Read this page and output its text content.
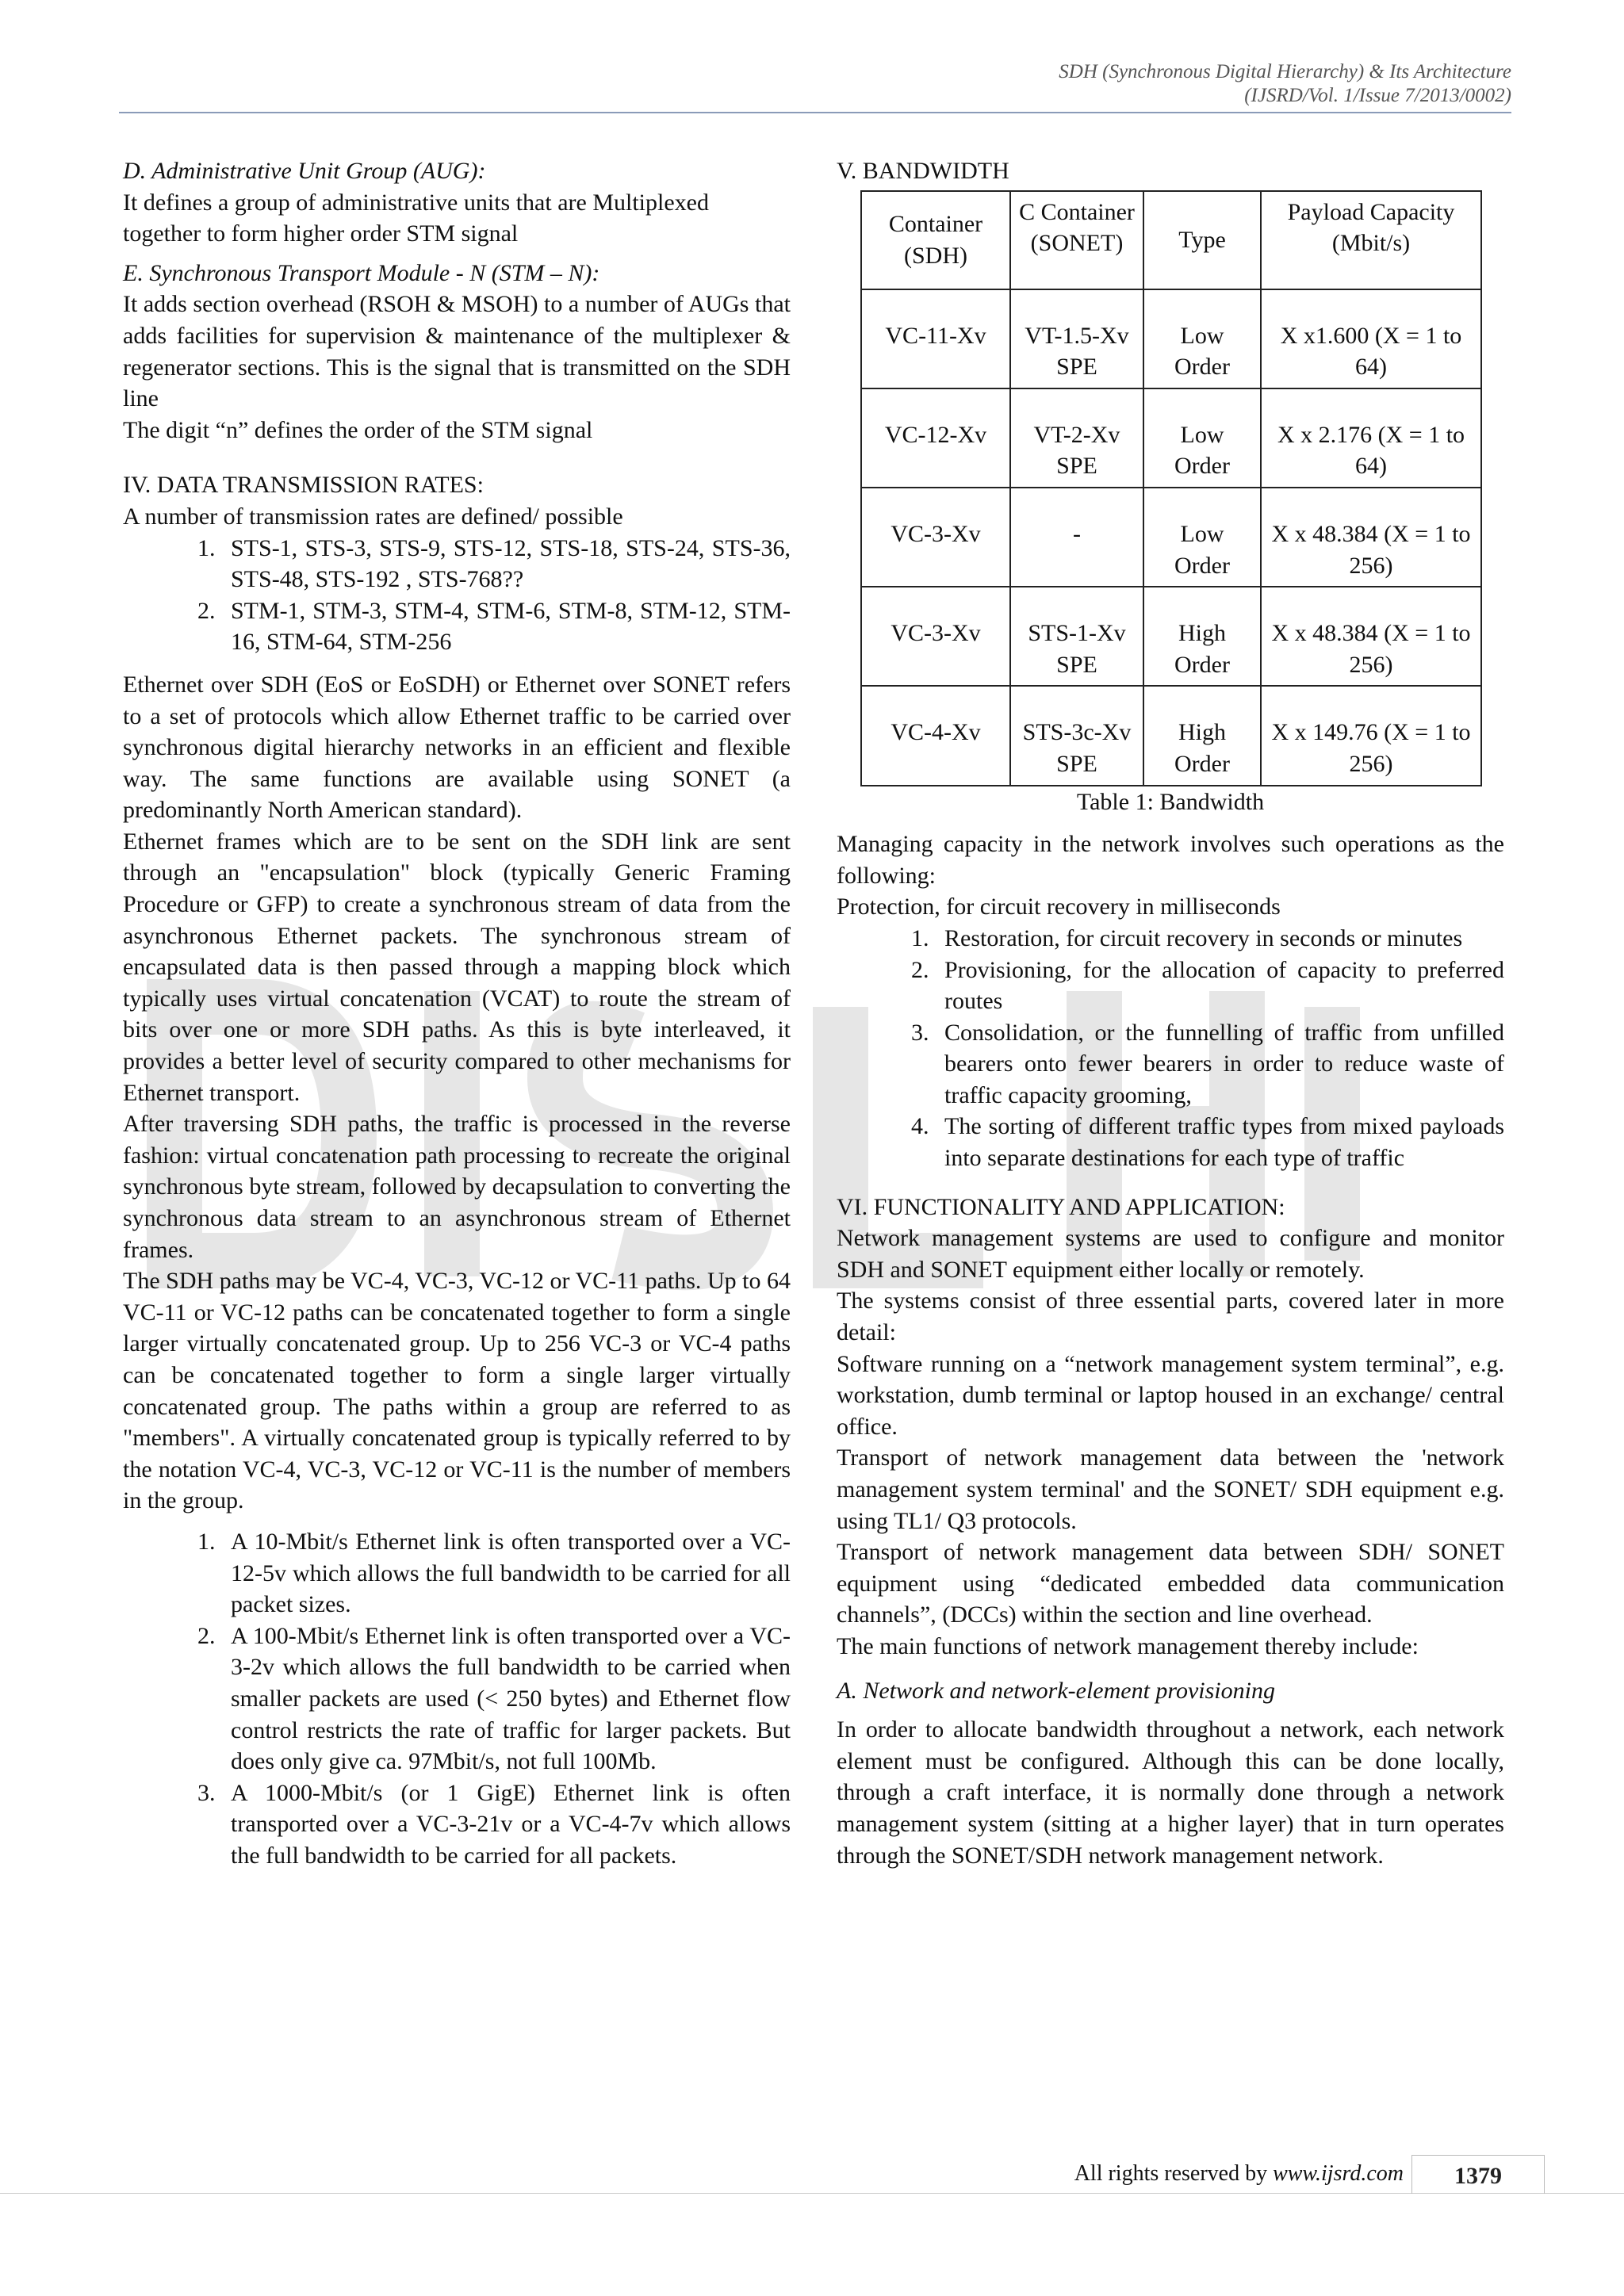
SDH (Synchronous Digital Hierarchy) & Its Architecture
(IJSRD/Vol. 1/Issue 7/2013/0002)

D. Administrative Unit Group (AUG):

It defines a group of administrative units that are Multiplexed together to form higher order STM signal

E. Synchronous Transport Module - N (STM – N):

It adds section overhead (RSOH & MSOH) to a number of AUGs that adds facilities for supervision & maintenance of the multiplexer & regenerator sections. This is the signal that is transmitted on the SDH line

The digit “n” defines the order of the STM signal

IV. DATA TRANSMISSION RATES:

A number of transmission rates are defined/ possible

1. STS-1, STS-3, STS-9, STS-12, STS-18, STS-24, STS-36, STS-48, STS-192 , STS-768??
2. STM-1, STM-3, STM-4, STM-6, STM-8, STM-12, STM-16, STM-64, STM-256

Ethernet over SDH (EoS or EoSDH) or Ethernet over SONET refers to a set of protocols which allow Ethernet traffic to be carried over synchronous digital hierarchy networks in an efficient and flexible way. The same functions are available using SONET (a predominantly North American standard).

Ethernet frames which are to be sent on the SDH link are sent through an "encapsulation" block (typically Generic Framing Procedure or GFP) to create a synchronous stream of data from the asynchronous Ethernet packets. The synchronous stream of encapsulated data is then passed through a mapping block which typically uses virtual concatenation (VCAT) to route the stream of bits over one or more SDH paths. As this is byte interleaved, it provides a better level of security compared to other mechanisms for Ethernet transport.

After traversing SDH paths, the traffic is processed in the reverse fashion: virtual concatenation path processing to recreate the original synchronous byte stream, followed by decapsulation to converting the synchronous data stream to an asynchronous stream of Ethernet frames.

The SDH paths may be VC-4, VC-3, VC-12 or VC-11 paths. Up to 64 VC-11 or VC-12 paths can be concatenated together to form a single larger virtually concatenated group. Up to 256 VC-3 or VC-4 paths can be concatenated together to form a single larger virtually concatenated group. The paths within a group are referred to as "members". A virtually concatenated group is typically referred to by the notation VC-4, VC-3, VC-12 or VC-11 is the number of members in the group.

1. A 10-Mbit/s Ethernet link is often transported over a VC-12-5v which allows the full bandwidth to be carried for all packet sizes.
2. A 100-Mbit/s Ethernet link is often transported over a VC-3-2v which allows the full bandwidth to be carried when smaller packets are used (< 250 bytes) and Ethernet flow control restricts the rate of traffic for larger packets. But does only give ca. 97Mbit/s, not full 100Mb.
3. A 1000-Mbit/s (or 1 GigE) Ethernet link is often transported over a VC-3-21v or a VC-4-7v which allows the full bandwidth to be carried for all packets.

V. BANDWIDTH

Container (SDH)	C Container (SONET)	Type	Payload Capacity (Mbit/s)
VC-11-Xv	VT-1.5-Xv SPE	Low Order	X x1.600 (X = 1 to 64)
VC-12-Xv	VT-2-Xv SPE	Low Order	X x 2.176 (X = 1 to 64)
VC-3-Xv	-	Low Order	X x 48.384 (X = 1 to 256)
VC-3-Xv	STS-1-Xv SPE	High Order	X x 48.384 (X = 1 to 256)
VC-4-Xv	STS-3c-Xv SPE	High Order	X x 149.76 (X = 1 to 256)

Table 1: Bandwidth

Managing capacity in the network involves such operations as the following:

Protection, for circuit recovery in milliseconds

1. Restoration, for circuit recovery in seconds or minutes
2. Provisioning, for the allocation of capacity to preferred routes
3. Consolidation, or the funnelling of traffic from unfilled bearers onto fewer bearers in order to reduce waste of traffic capacity grooming,
4. The sorting of different traffic types from mixed payloads into separate destinations for each type of traffic

VI. FUNCTIONALITY AND APPLICATION:

Network management systems are used to configure and monitor SDH and SONET equipment either locally or remotely.

The systems consist of three essential parts, covered later in more detail:

Software running on a “network management system terminal”, e.g. workstation, dumb terminal or laptop housed in an exchange/ central office.

Transport of network management data between the 'network management system terminal' and the SONET/ SDH equipment e.g. using TL1/ Q3 protocols.

Transport of network management data between SDH/ SONET equipment using “dedicated embedded data communication channels”, (DCCs) within the section and line overhead.

The main functions of network management thereby include:

A. Network and network-element provisioning

In order to allocate bandwidth throughout a network, each network element must be configured. Although this can be done locally, through a craft interface, it is normally done through a network management system (sitting at a higher layer) that in turn operates through the SONET/SDH network management network.

All rights reserved by www.ijsrd.com	1379
